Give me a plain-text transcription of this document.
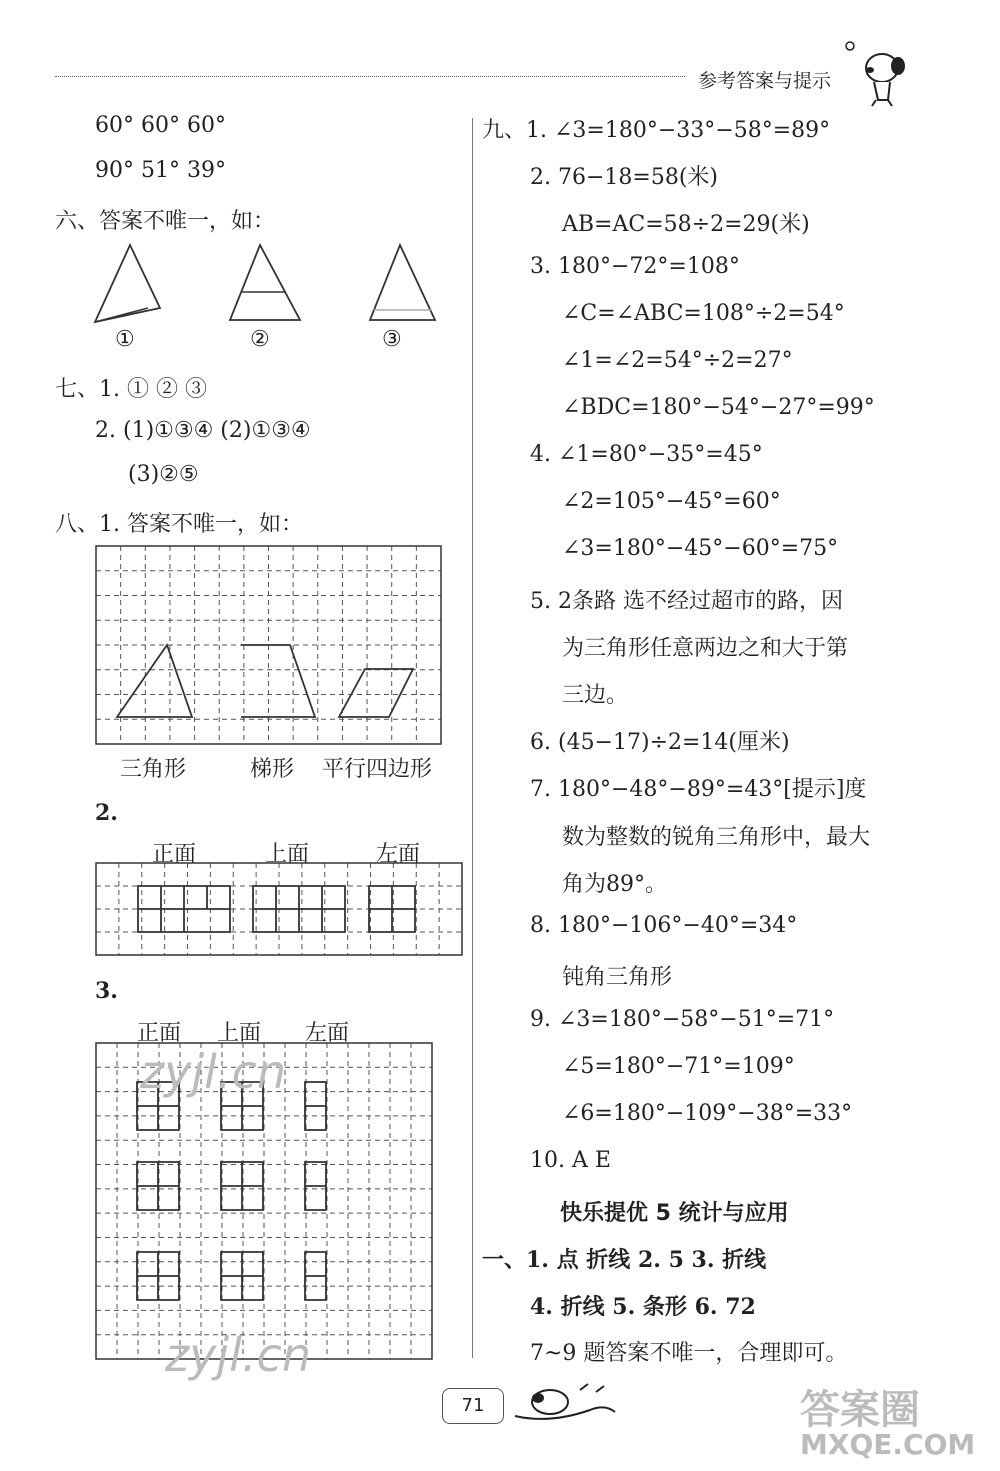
参考答案与提示
60° 60° 60°
90° 51° 39°
六、答案不唯一，如：
①	②	③
七、1. ① ② ③
2. (1)①③④ (2)①③④
(3)②⑤
八、1. 答案不唯一，如：
三角形	梯形 平行四边形
2.
正面	上面	左面
3.
正面 上面 左面
九、1. ∠3=180°−33°−58°=89°
2. 76−18=58(米)
AB=AC=58÷2=29(米)
3. 180°−72°=108°
∠C=∠ABC=108°÷2=54°
∠1=∠2=54°÷2=27°
∠BDC=180°−54°−27°=99°
4. ∠1=80°−35°=45°
∠2=105°−45°=60°
∠3=180°−45°−60°=75°
5. 2条路 选不经过超市的路，因
为三角形任意两边之和大于第
三边。
6. (45−17)÷2=14(厘米)
7. 180°−48°−89°=43°[提示]度
数为整数的锐角三角形中，最大
角为89°。
8. 180°−106°−40°=34°
钝角三角形
9. ∠3=180°−58°−51°=71°
∠5=180°−71°=109°
∠6=180°−109°−38°=33°
10. A E
快乐提优 5 统计与应用
一、1. 点 折线 2. 5 3. 折线
4. 折线 5. 条形 6. 72
7~9 题答案不唯一，合理即可。
71
zyjl.cn
zyjl.cn
答案圈
MXQE.COM
